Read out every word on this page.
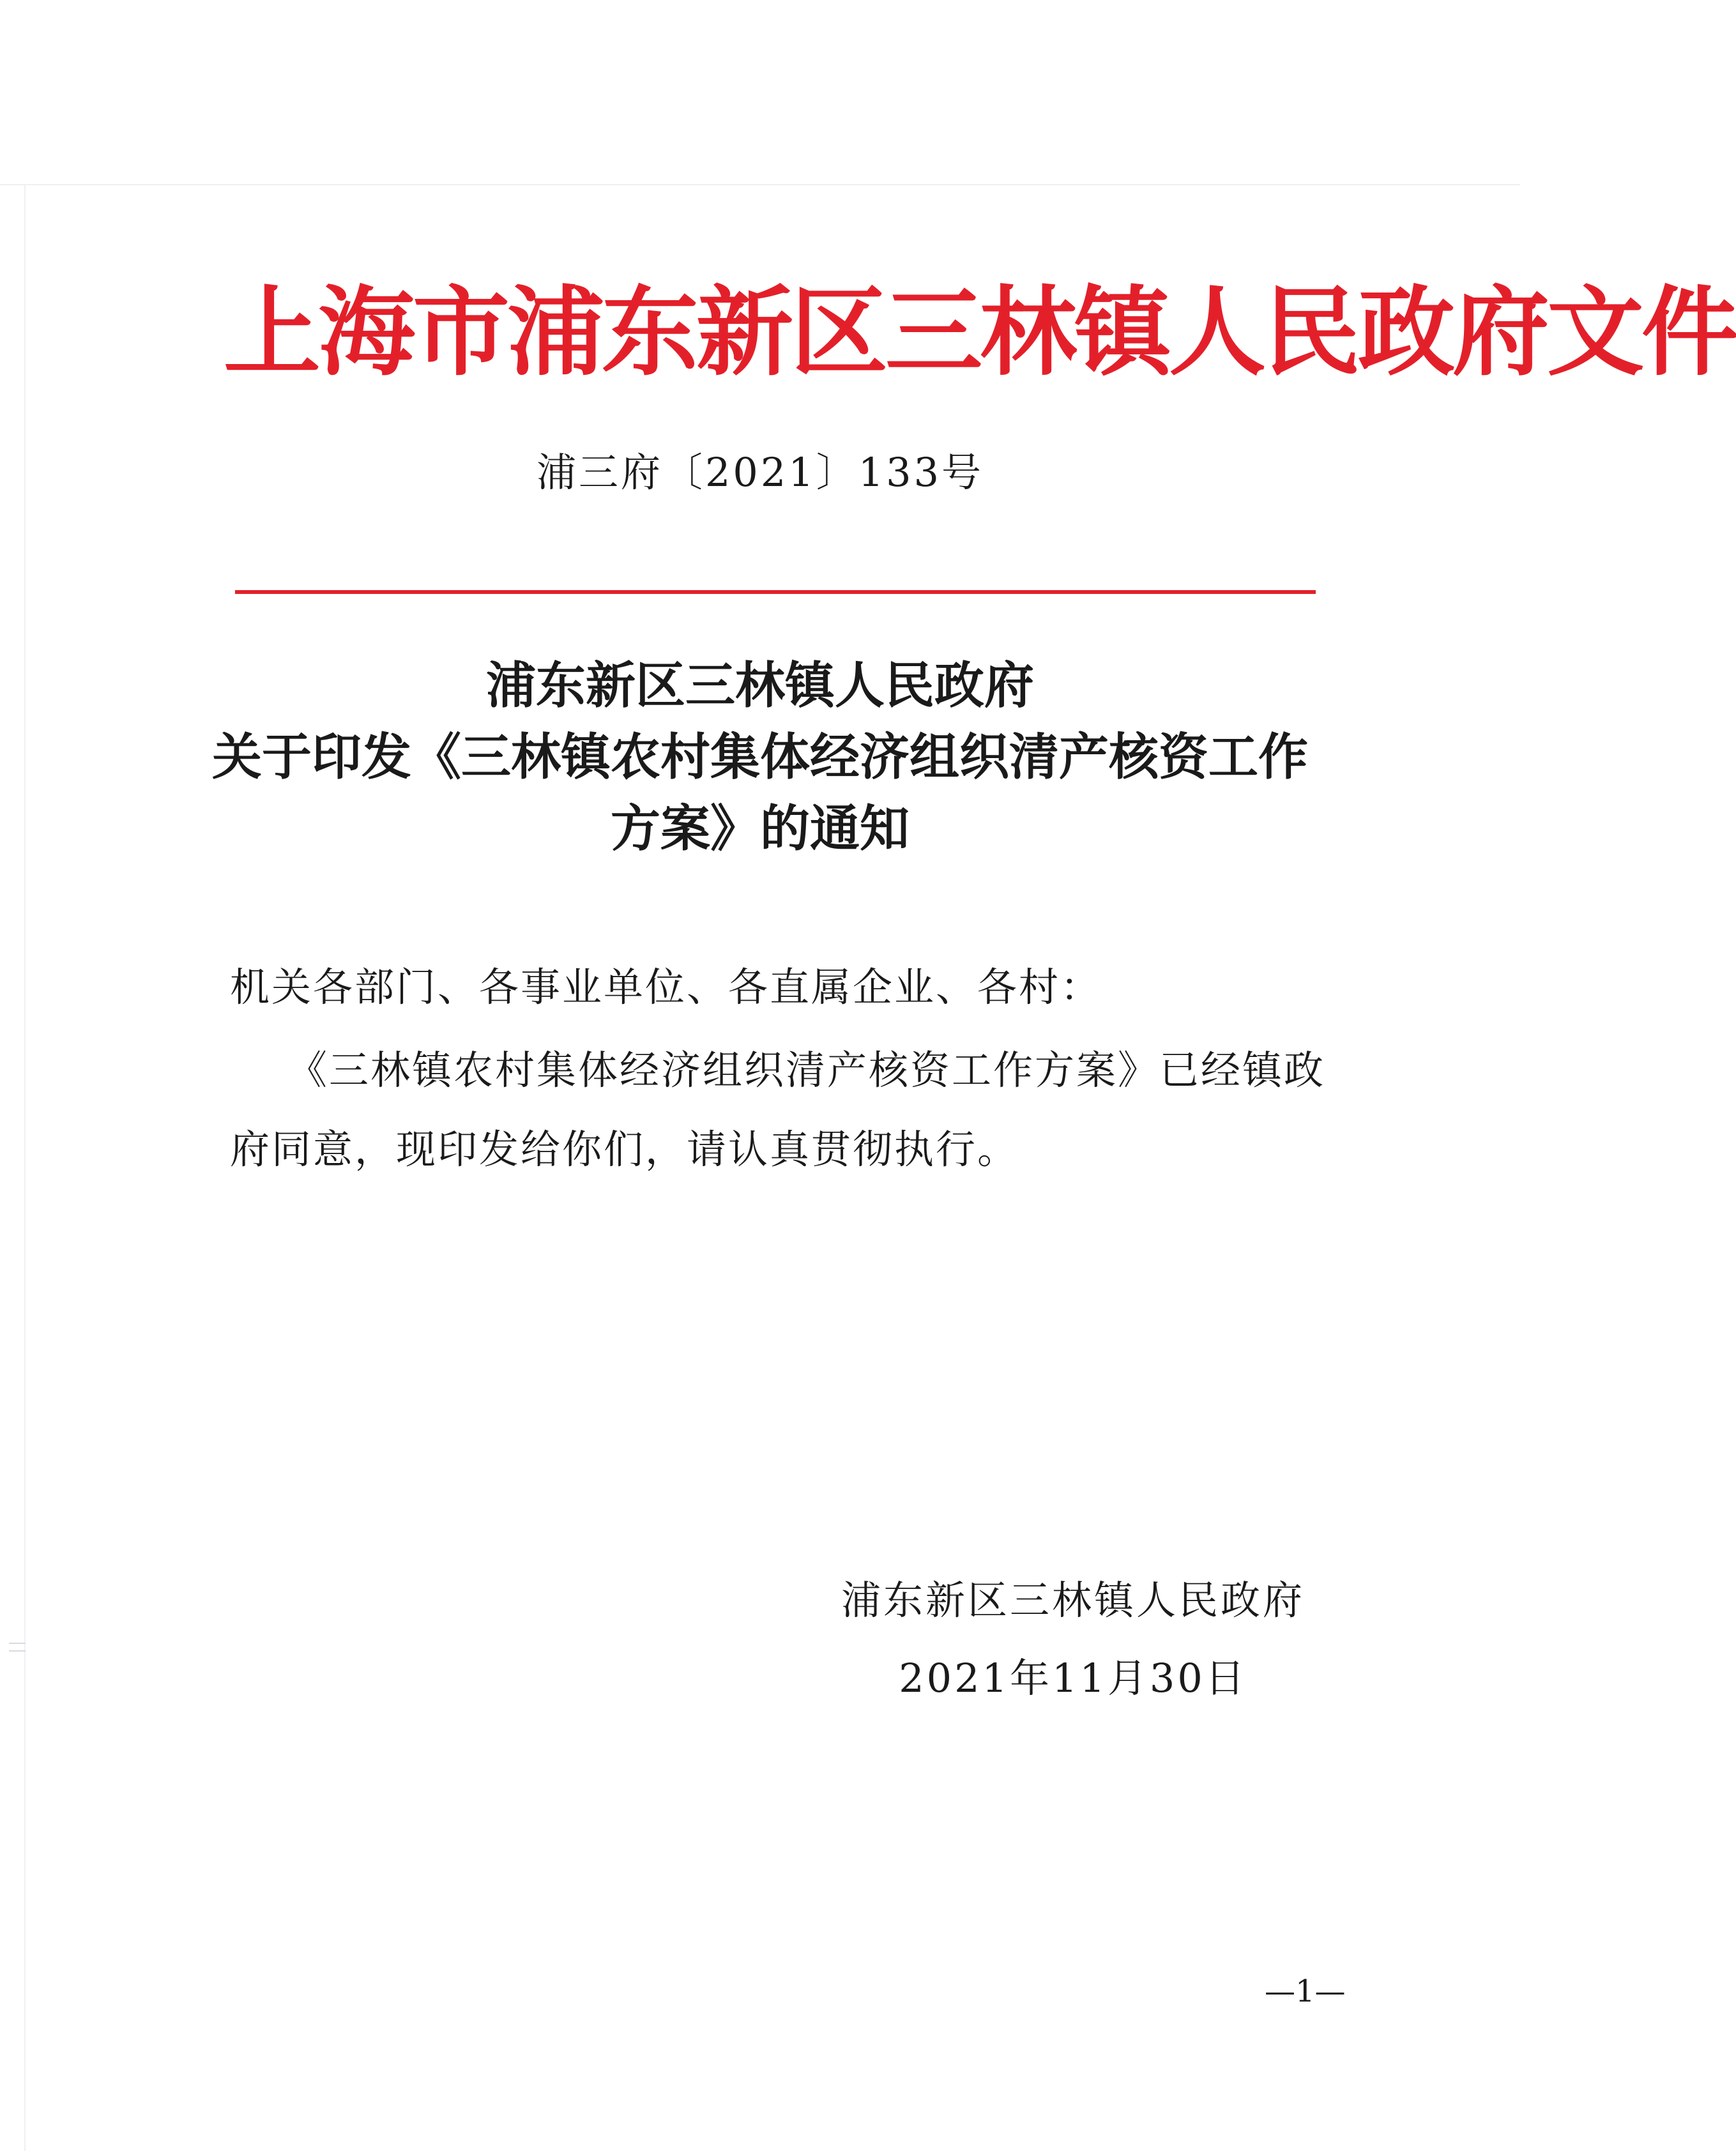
上海市浦东新区三林镇人民政府文件
浦三府〔2021〕133号
浦东新区三林镇人民政府
关于印发《三林镇农村集体经济组织清产核资工作
方案》的通知
机关各部门、各事业单位、各直属企业、各村：
《三林镇农村集体经济组织清产核资工作方案》已经镇政
府同意，现印发给你们，请认真贯彻执行。
浦东新区三林镇人民政府
2021年11月30日
—1—
